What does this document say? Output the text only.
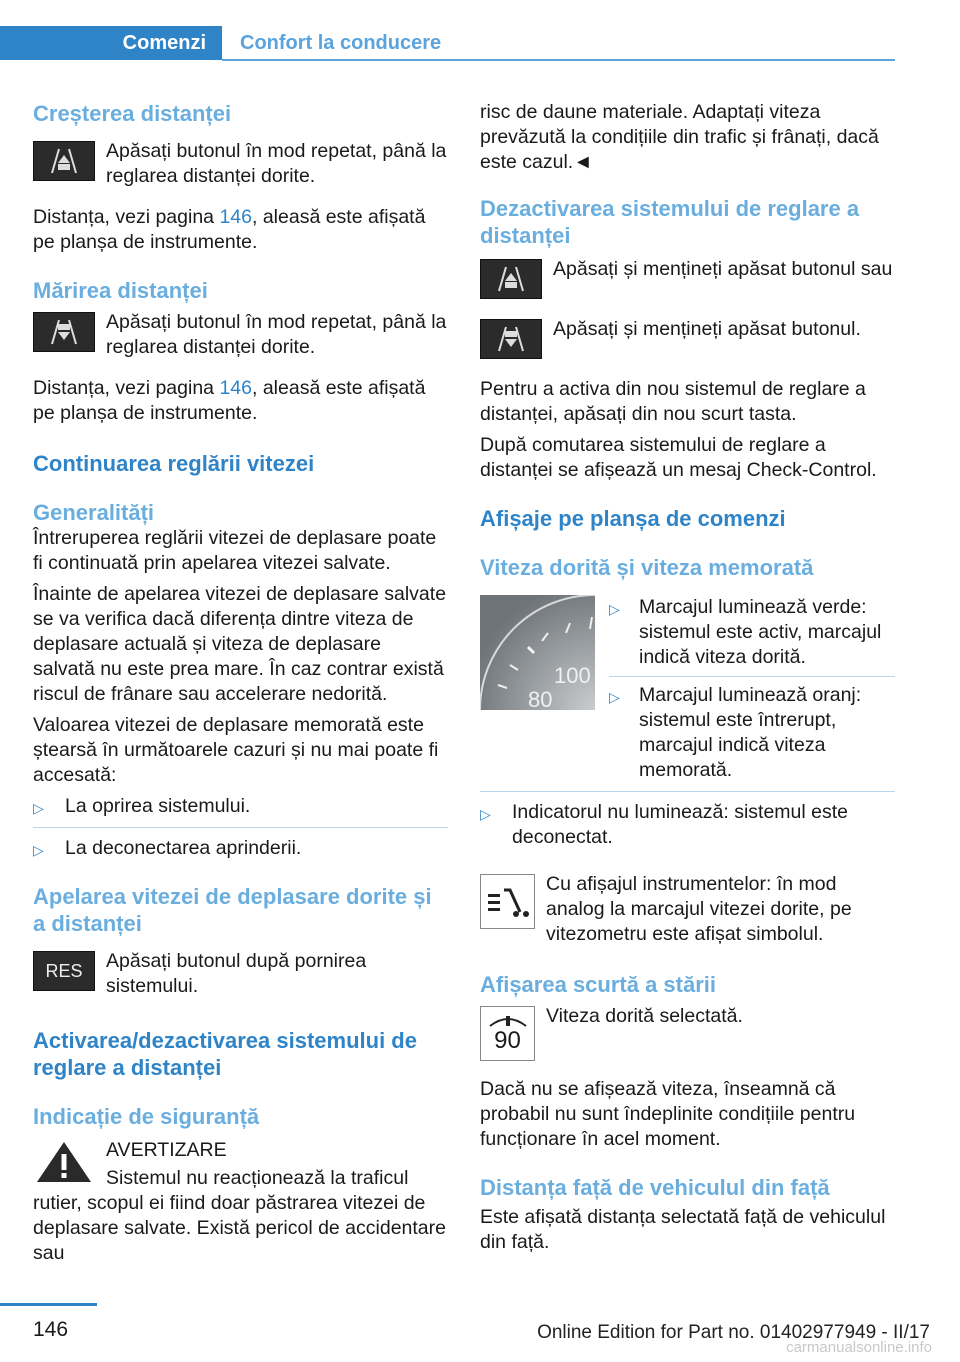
Comenzi Confort la conducere
Creșterea distanței

Apăsați butonul în mod repetat, până la reglarea distanței dorite.

Distanța, vezi pagina 146, aleasă este afișată pe planșa de instrumente.

Mărirea distanței

Apăsați butonul în mod repetat, până la reglarea distanței dorite.

Distanța, vezi pagina 146, aleasă este afișată pe planșa de instrumente.

Continuarea reglării vitezei
Generalități

Întreruperea reglării vitezei de deplasare poate fi continuată prin apelarea vitezei salvate.

Înainte de apelarea vitezei de deplasare salvate se va verifica dacă diferența dintre viteza de deplasare actuală și viteza de deplasare salvată nu este prea mare. În caz contrar există riscul de frânare sau accelerare nedorită.

Valoarea vitezei de deplasare memorată este ștearsă în următoarele cazuri și nu mai poate fi accesată:

▷ La oprirea sistemului.
▷ La deconectarea aprinderii.
Apelarea vitezei de deplasare dorite și a distanței
RES Apăsați butonul după pornirea sistemului.

Activarea/dezactivarea sistemului de reglare a distanței
Indicație de siguranță

AVERTIZARE

Sistemul nu reacționează la traficul rutier, scopul ei fiind doar păstrarea vitezei de deplasare salvate. Există pericol de accidentare sau

risc de daune materiale. Adaptați viteza prevăzută la condițiile din trafic și frânați, dacă este cazul.◄

Dezactivarea sistemului de reglare a distanței

Apăsați și mențineți apăsat butonul sau

Apăsați și mențineți apăsat butonul.

Pentru a activa din nou sistemul de reglare a distanței, apăsați din nou scurt tasta.

După comutarea sistemului de reglare a distanței se afișează un mesaj Check-Control.

Afișaje pe planșa de comenzi
Viteza dorită și viteza memorată
100
80
▷ Marcajul luminează verde: sistemul este activ, marcajul indică viteza dorită.
▷ Marcajul luminează oranj: sistemul este întrerupt, marcajul indică viteza memorată.
▷ Indicatorul nu luminează: sistemul este deconectat.

Cu afișajul instrumentelor: în mod analog la marcajul vitezei dorite, pe vitezometru este afișat simbolul.

Afișarea scurtă a stării
90

Viteza dorită selectată.

Dacă nu se afișează viteza, înseamnă că probabil nu sunt îndeplinite condițiile pentru funcționare în acel moment.

Distanța față de vehiculul din față

Este afișată distanța selectată față de vehiculul din față.

146	Online Edition for Part no. 01402977949 - II/17
carmanualsonline.info
